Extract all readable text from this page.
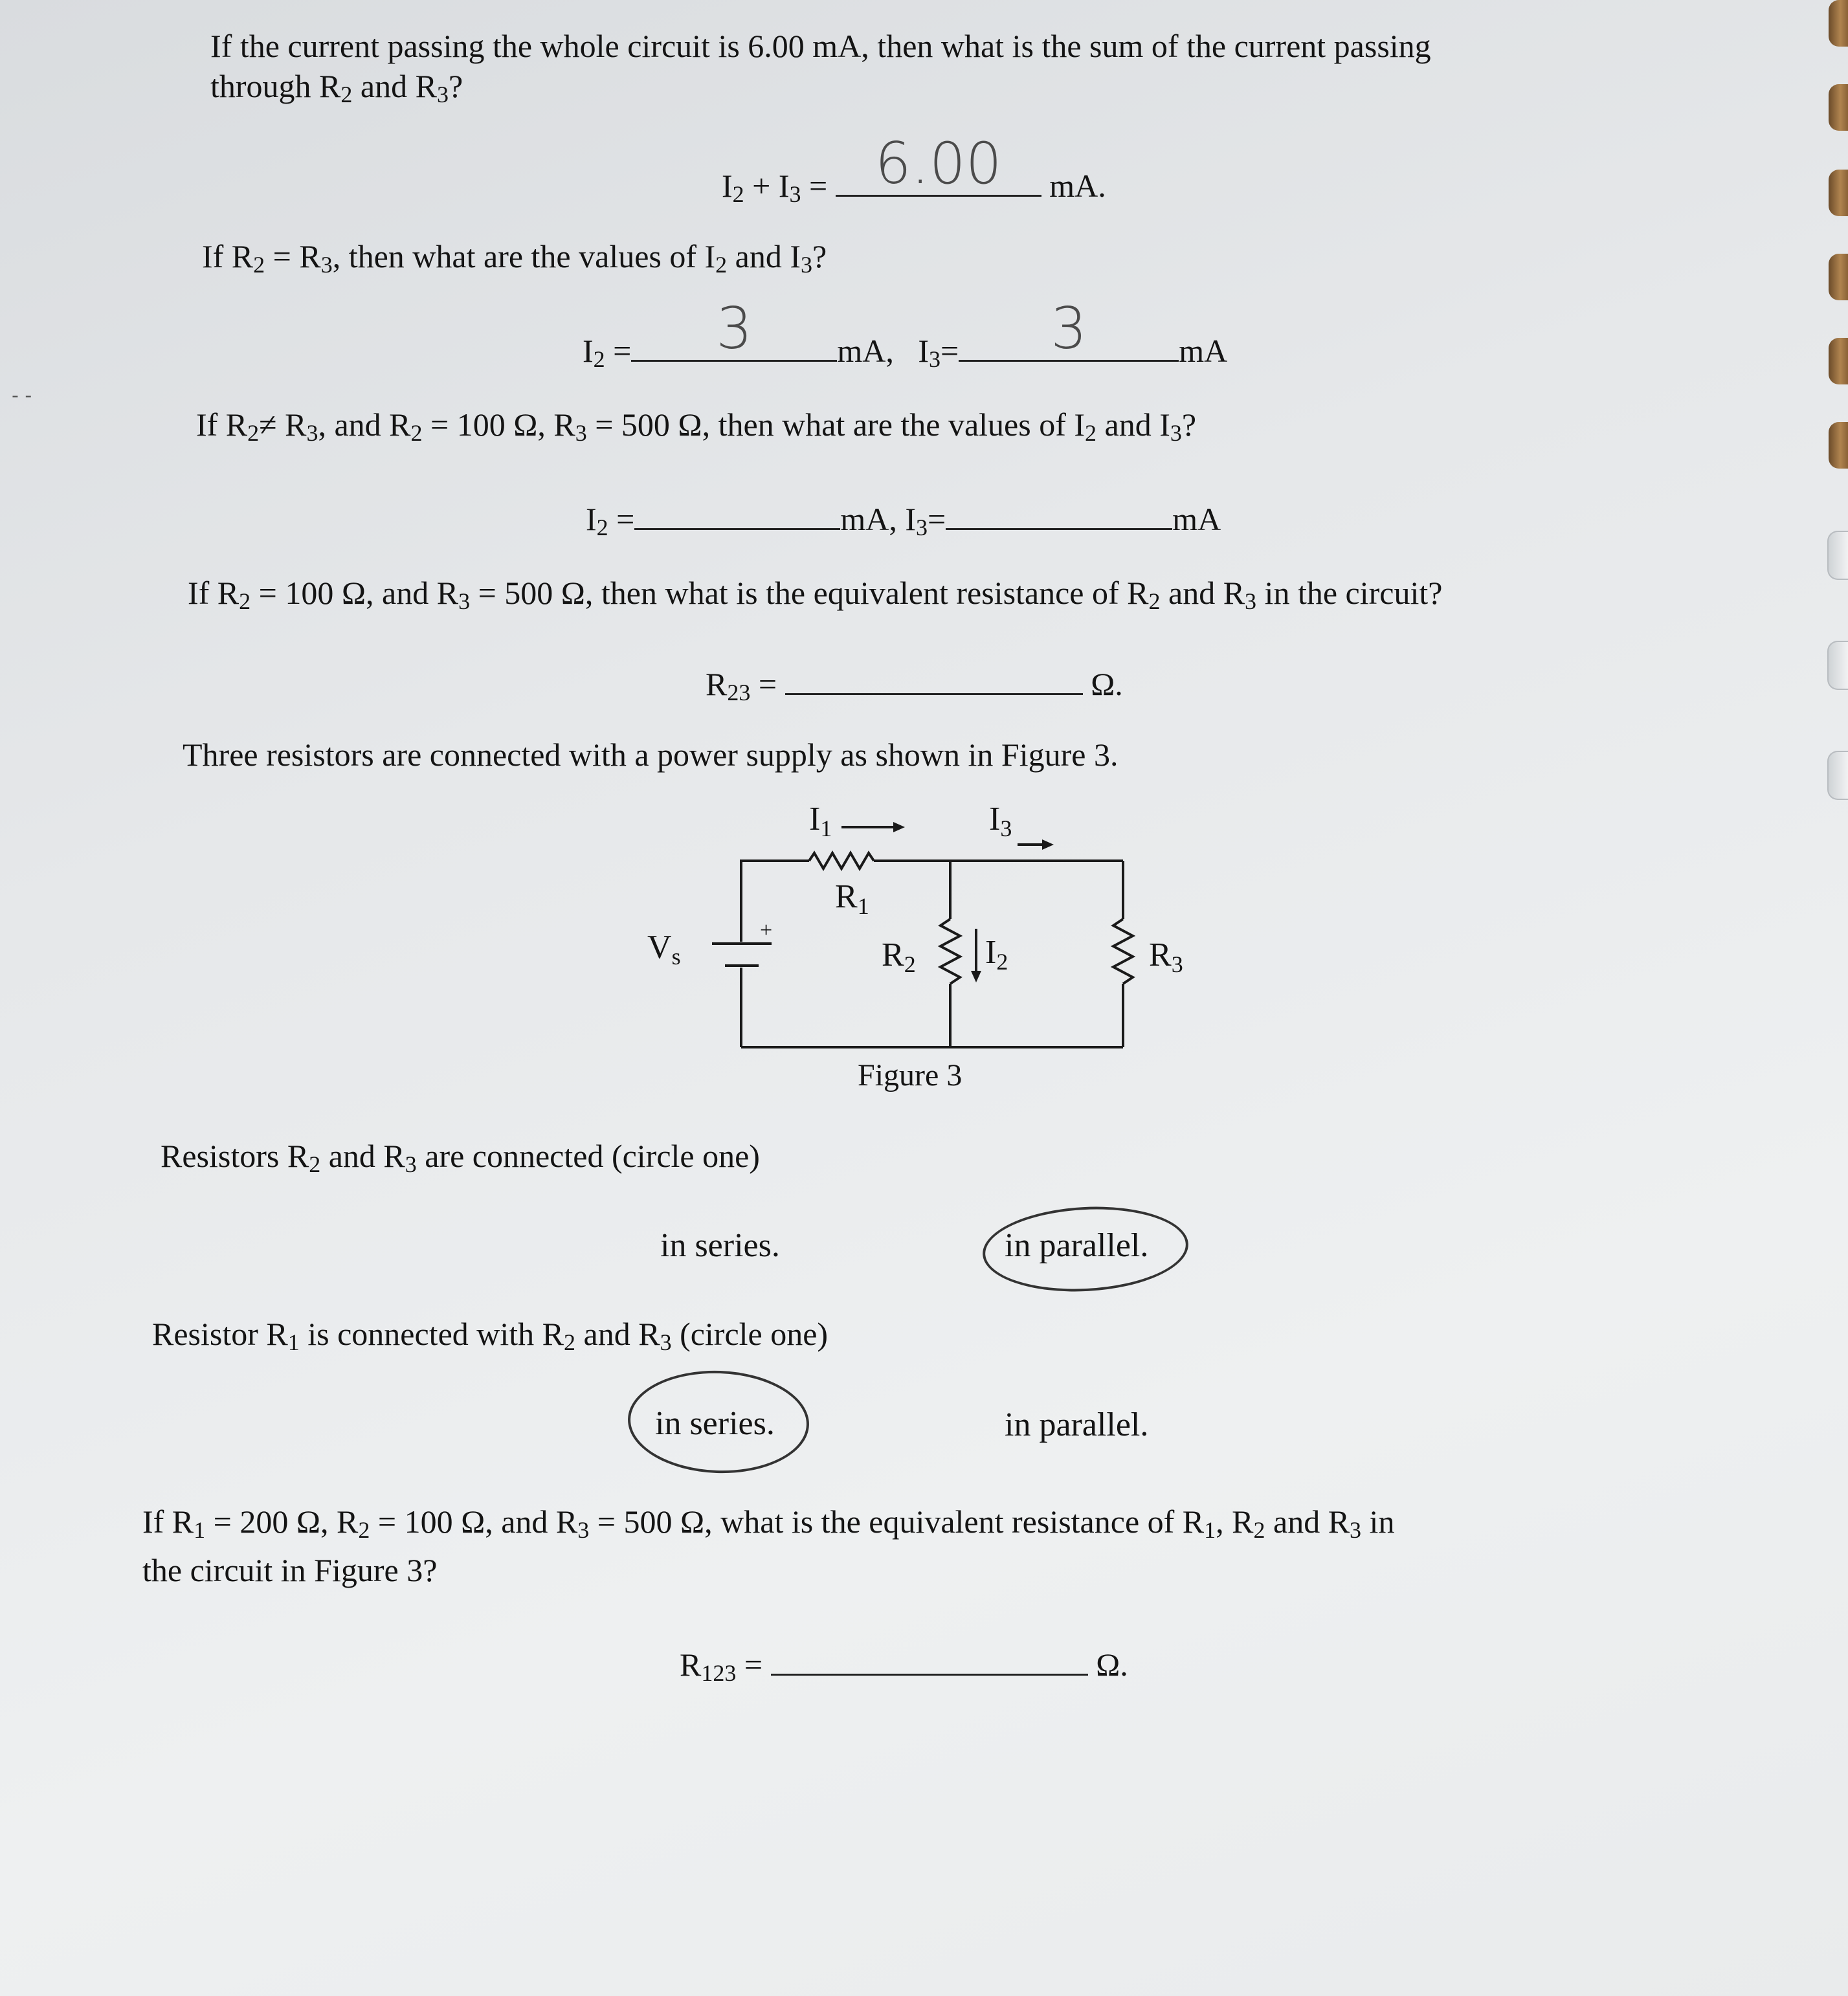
- -
If the current passing the whole circuit is 6.00 mA, then what is the sum of the current passing
through $R_2$ and $R_3$?
$I_2 + I_3 = 6.00$	mA.
If $R_2 = R_3$, then what are the values of $I_2$ and $I_3$?
$I_2$ =	3	mA, $I_3=$	3	mA
If $R_2\ne R_3$, and $R_2 = 100$ Ω, $R_3 = 500$ Ω, then what are the values of $I_2$ and $I_3$?
$I_2$ =	mA, $I_3=$	mA
If $R_2 = 100$ Ω, and $R_3 = 500$ Ω, then what is the equivalent resistance of $R_2$ and $R_3$ in the circuit?
$R_{23}$ =	Ω.
Three resistors are connected with a power supply as shown in Figure 3.
I1	I3
R1
Vs
+
R2 I2	R3
Figure 3
Resistors $R_2$ and $R_3$ are connected (circle one)
in series.	in parallel.
Resistor $R_1$ is connected with $R_2$ and $R_3$ (circle one)
in series.	in parallel.
If $R_1 = 200$ Ω, $R_2 = 100$ Ω, and $R_3 = 500$ Ω, what is the equivalent resistance of $R_1$, $R_2$ and $R_3$ in
the circuit in Figure 3?
$R_{123}$ =	Ω.
